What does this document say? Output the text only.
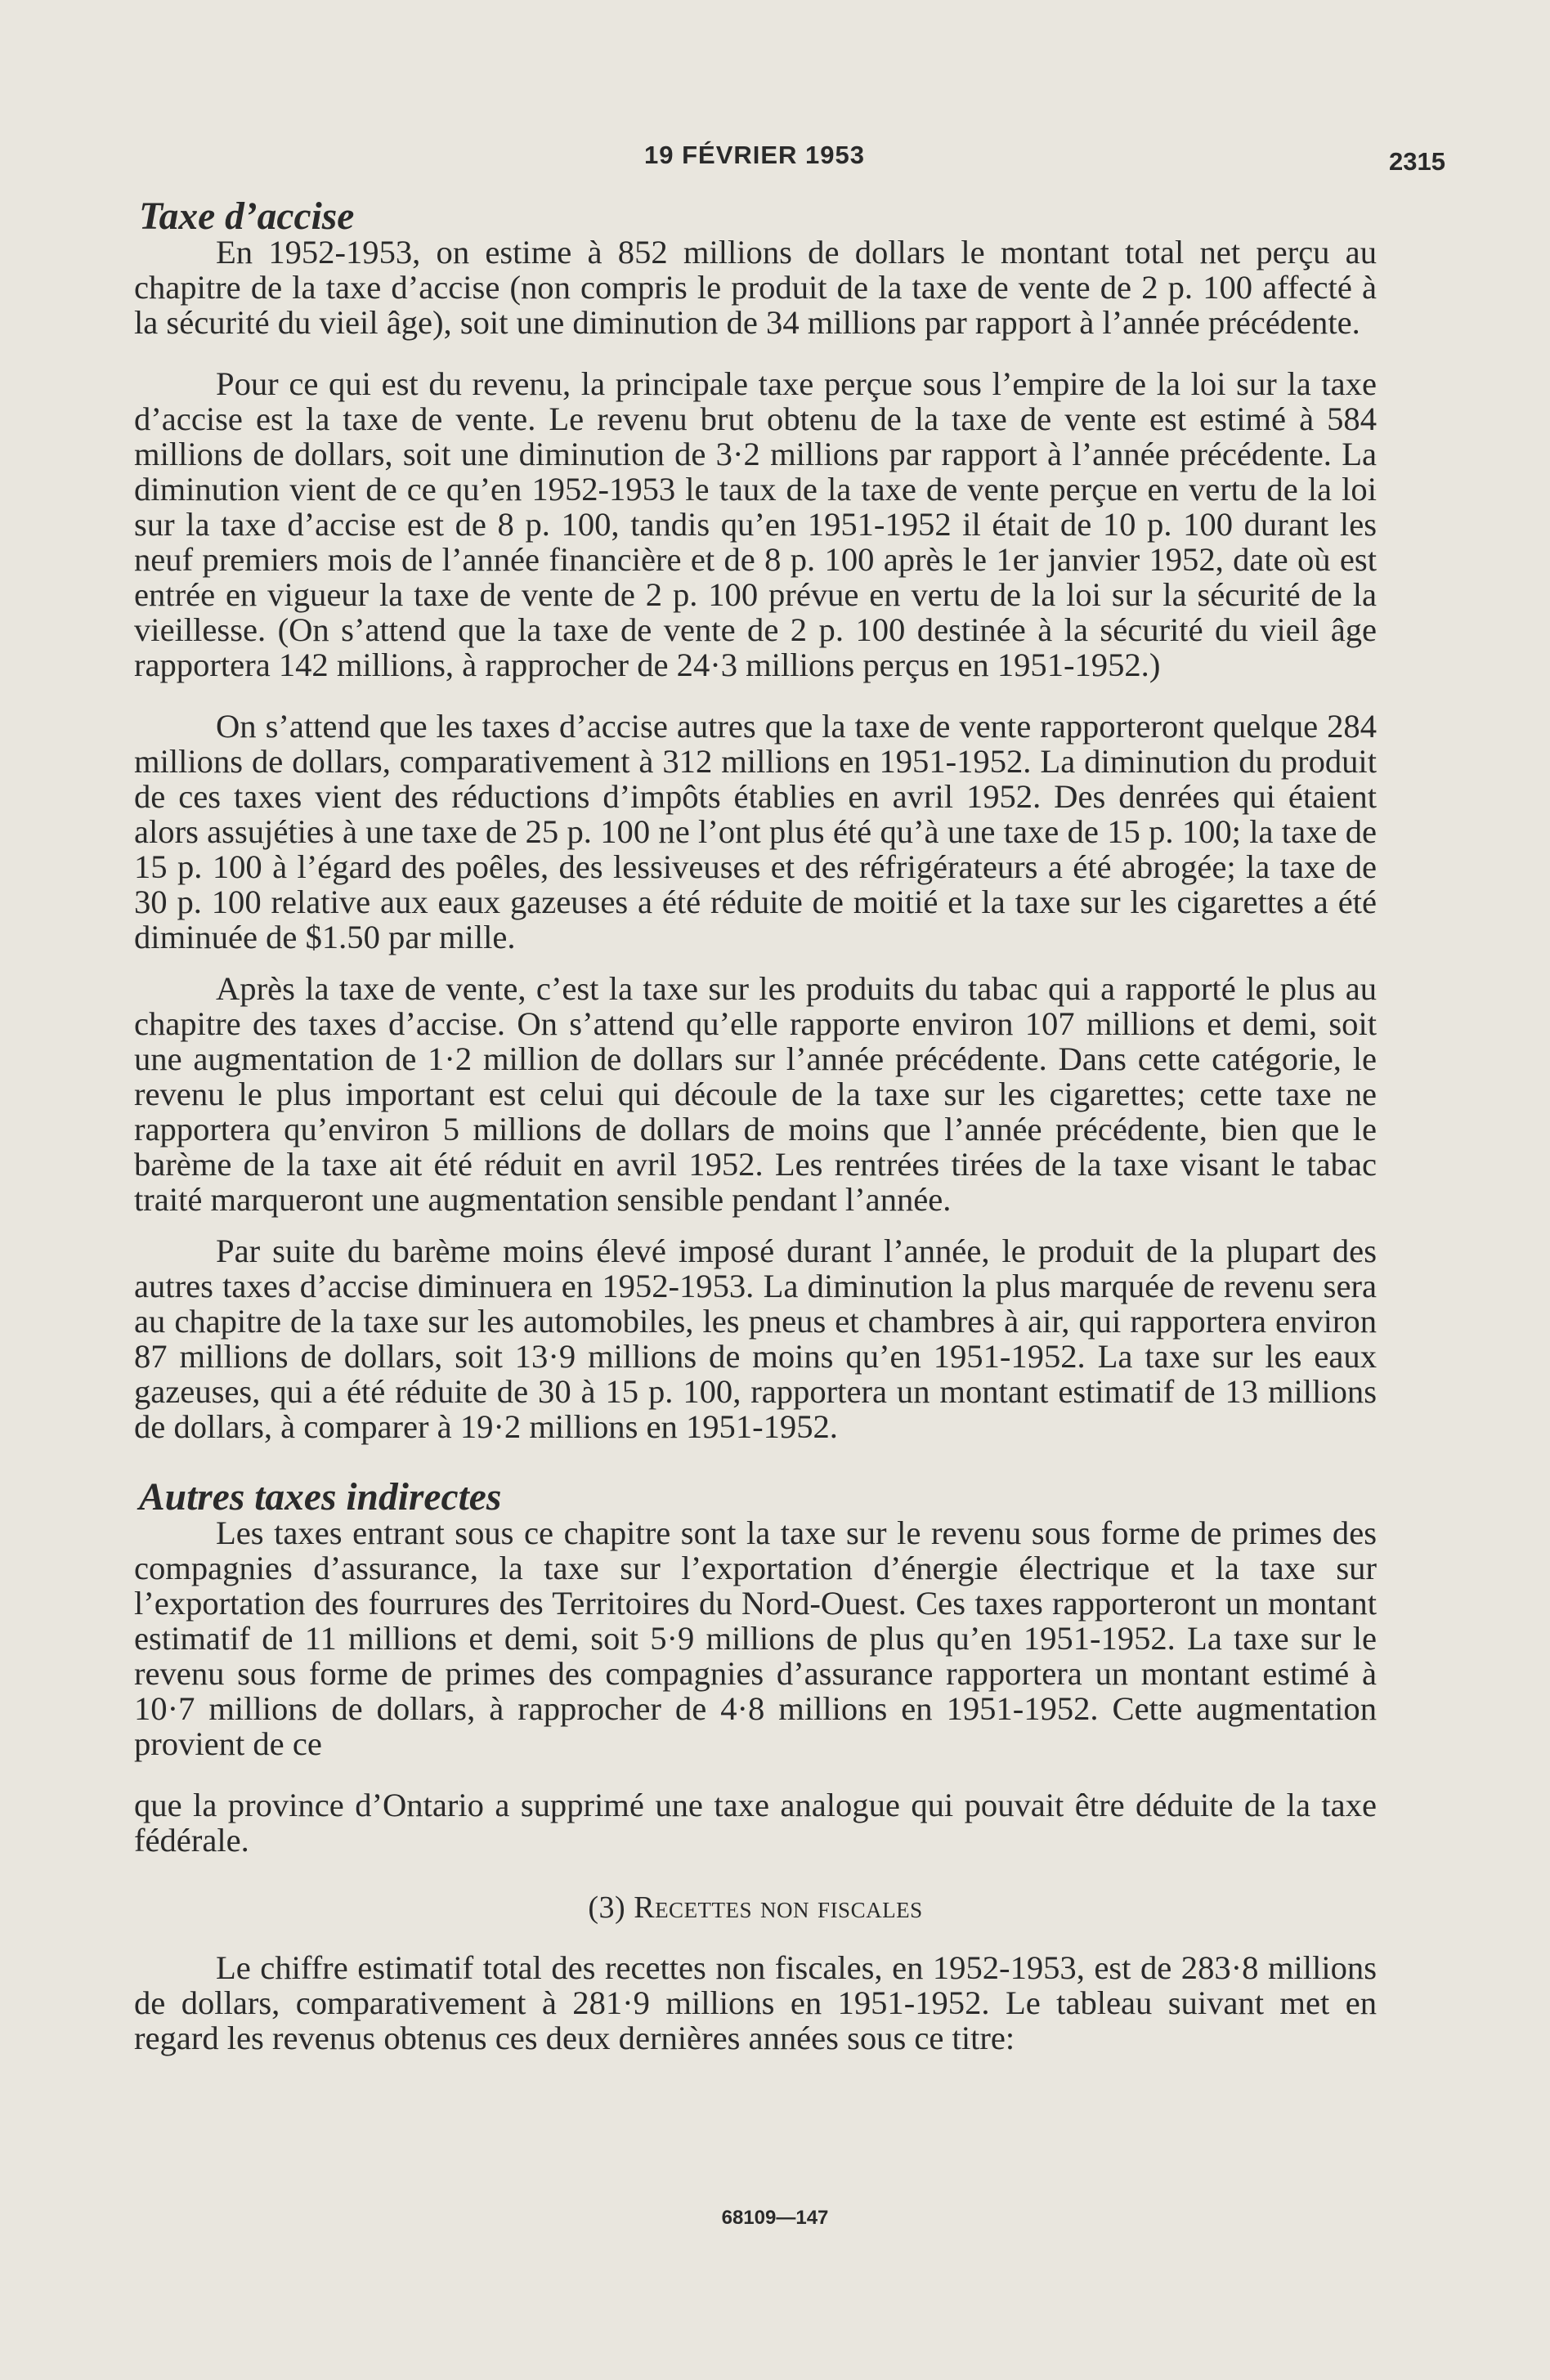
19 FÉVRIER 1953	2315
Taxe d’accise

En 1952-1953, on estime à 852 millions de dollars le montant total net perçu au chapitre de la taxe d’accise (non compris le produit de la taxe de vente de 2 p. 100 affecté à la sécurité du vieil âge), soit une diminution de 34 millions par rapport à l’année précédente.

Pour ce qui est du revenu, la principale taxe perçue sous l’empire de la loi sur la taxe d’accise est la taxe de vente. Le revenu brut obtenu de la taxe de vente est estimé à 584 millions de dollars, soit une diminution de 3·2 millions par rapport à l’année précédente. La diminution vient de ce qu’en 1952-1953 le taux de la taxe de vente perçue en vertu de la loi sur la taxe d’accise est de 8 p. 100, tandis qu’en 1951-1952 il était de 10 p. 100 durant les neuf premiers mois de l’année financière et de 8 p. 100 après le 1er janvier 1952, date où est entrée en vigueur la taxe de vente de 2 p. 100 prévue en vertu de la loi sur la sécurité de la vieillesse. (On s’attend que la taxe de vente de 2 p. 100 destinée à la sécurité du vieil âge rapportera 142 millions, à rapprocher de 24·3 millions perçus en 1951-1952.)

On s’attend que les taxes d’accise autres que la taxe de vente rapporteront quelque 284 millions de dollars, comparativement à 312 millions en 1951-1952. La diminution du produit de ces taxes vient des réductions d’impôts établies en avril 1952. Des denrées qui étaient alors assujéties à une taxe de 25 p. 100 ne l’ont plus été qu’à une taxe de 15 p. 100; la taxe de 15 p. 100 à l’égard des poêles, des lessiveuses et des réfrigérateurs a été abrogée; la taxe de 30 p. 100 relative aux eaux gazeuses a été réduite de moitié et la taxe sur les cigarettes a été diminuée de $1.50 par mille.

Après la taxe de vente, c’est la taxe sur les produits du tabac qui a rapporté le plus au chapitre des taxes d’accise. On s’attend qu’elle rapporte environ 107 millions et demi, soit une augmentation de 1·2 million de dollars sur l’année précédente. Dans cette catégorie, le revenu le plus important est celui qui découle de la taxe sur les cigarettes; cette taxe ne rapportera qu’environ 5 millions de dollars de moins que l’année précédente, bien que le barème de la taxe ait été réduit en avril 1952. Les rentrées tirées de la taxe visant le tabac traité marqueront une augmentation sensible pendant l’année.

Par suite du barème moins élevé imposé durant l’année, le produit de la plupart des autres taxes d’accise diminuera en 1952-1953. La diminution la plus marquée de revenu sera au chapitre de la taxe sur les automobiles, les pneus et chambres à air, qui rapportera environ 87 millions de dollars, soit 13·9 millions de moins qu’en 1951-1952. La taxe sur les eaux gazeuses, qui a été réduite de 30 à 15 p. 100, rapportera un montant estimatif de 13 millions de dollars, à comparer à 19·2 millions en 1951-1952.

Autres taxes indirectes

Les taxes entrant sous ce chapitre sont la taxe sur le revenu sous forme de primes des compagnies d’assurance, la taxe sur l’exportation d’énergie électrique et la taxe sur l’exportation des fourrures des Territoires du Nord-Ouest. Ces taxes rapporteront un montant estimatif de 11 millions et demi, soit 5·9 millions de plus qu’en 1951-1952. La taxe sur le revenu sous forme de primes des compagnies d’assurance rapportera un montant estimé à 10·7 millions de dollars, à rapprocher de 4·8 millions en 1951-1952. Cette augmentation provient de ce

que la province d’Ontario a supprimé une taxe analogue qui pouvait être déduite de la taxe fédérale.

(3) Recettes non fiscales

Le chiffre estimatif total des recettes non fiscales, en 1952-1953, est de 283·8 millions de dollars, comparativement à 281·9 millions en 1951-1952. Le tableau suivant met en regard les revenus obtenus ces deux dernières années sous ce titre:

68109—147
